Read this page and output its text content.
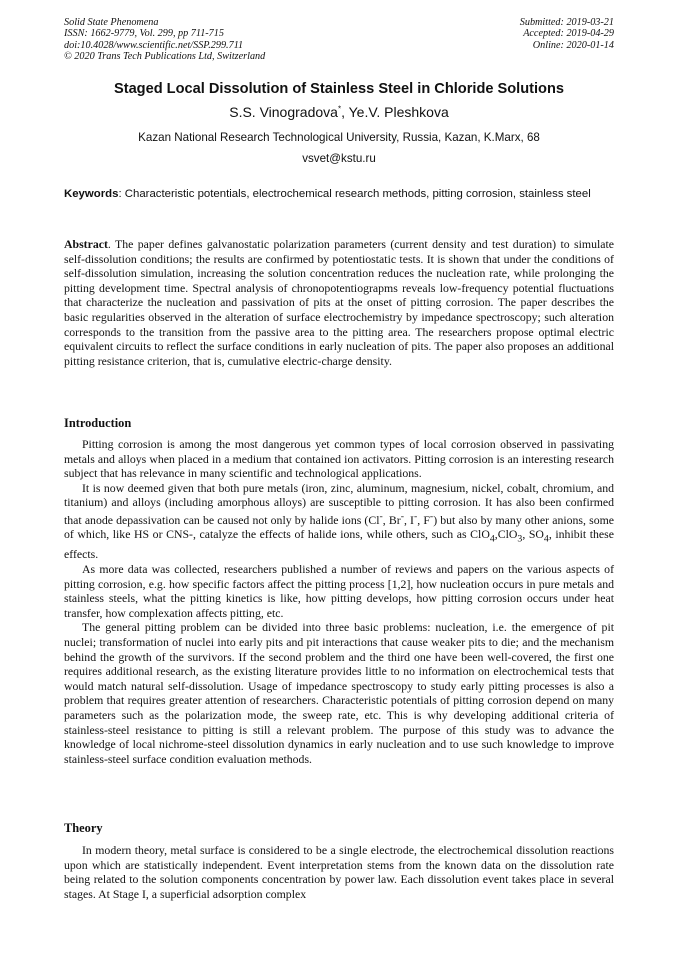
Solid State Phenomena
ISSN: 1662-9779, Vol. 299, pp 711-715
doi:10.4028/www.scientific.net/SSP.299.711
© 2020 Trans Tech Publications Ltd, Switzerland
Submitted: 2019-03-21
Accepted: 2019-04-29
Online: 2020-01-14
Staged Local Dissolution of Stainless Steel in Chloride Solutions
S.S. Vinogradova*, Ye.V. Pleshkova
Kazan National Research Technological University, Russia, Kazan, K.Marx, 68
vsvet@kstu.ru
Keywords: Characteristic potentials, electrochemical research methods, pitting corrosion, stainless steel
Abstract. The paper defines galvanostatic polarization parameters (current density and test duration) to simulate self-dissolution conditions; the results are confirmed by potentiostatic tests. It is shown that under the conditions of self-dissolution simulation, increasing the solution concentration reduces the nucleation rate, while prolonging the pitting development time. Spectral analysis of chronopotentiograpms reveals low-frequency potential fluctuations that characterize the nucleation and passivation of pits at the onset of pitting corrosion. The paper describes the basic regularities observed in the alteration of surface electrochemistry by impedance spectroscopy; such alteration corresponds to the transition from the passive area to the pitting area. The researchers propose optimal electric equivalent circuits to reflect the surface conditions in early nucleation of pits. The paper also proposes an additional pitting resistance criterion, that is, cumulative electric-charge density.
Introduction

Pitting corrosion is among the most dangerous yet common types of local corrosion observed in passivating metals and alloys when placed in a medium that contained ion activators. Pitting corrosion is an interesting research subject that has relevance in many scientific and technological applications.

It is now deemed given that both pure metals (iron, zinc, aluminum, magnesium, nickel, cobalt, chromium, and titanium) and alloys (including amorphous alloys) are susceptible to pitting corrosion. It has also been confirmed that anode depassivation can be caused not only by halide ions (Cl-, Br-, I-, F-) but also by many other anions, some of which, like HS or CNS-, catalyze the effects of halide ions, while others, such as ClO$_4$,ClO$_3$, $SO_4$, inhibit these effects.

As more data was collected, researchers published a number of reviews and papers on the various aspects of pitting corrosion, e.g. how specific factors affect the pitting process [1,2], how nucleation occurs in pure metals and stainless steels, what the pitting kinetics is like, how pitting develops, how pitting corrosion occurs under heat transfer, how complexation affects pitting, etc.

The general pitting problem can be divided into three basic problems: nucleation, i.e. the emergence of pit nuclei; transformation of nuclei into early pits and pit interactions that cause weaker pits to die; and the mechanism behind the growth of the survivors. If the second problem and the third one have been well-covered, the first one requires additional research, as the existing literature provides little to no information on electrochemical tests that would match natural self-dissolution. Usage of impedance spectroscopy to study early pitting processes is also a problem that requires greater attention of researchers. Characteristic potentials of pitting corrosion depend on many parameters such as the polarization mode, the sweep rate, etc. This is why developing additional criteria of stainless-steel resistance to pitting is still a relevant problem. The purpose of this study was to advance the knowledge of local nichrome-steel dissolution dynamics in early nucleation and to use such knowledge to improve stainless-steel surface condition evaluation methods.

Theory

In modern theory, metal surface is considered to be a single electrode, the electrochemical dissolution reactions upon which are statistically independent. Event interpretation stems from the known data on the dissolution rate being related to the solution components concentration by power law. Each dissolution event takes place in several stages. At Stage I, a superficial adsorption complex
